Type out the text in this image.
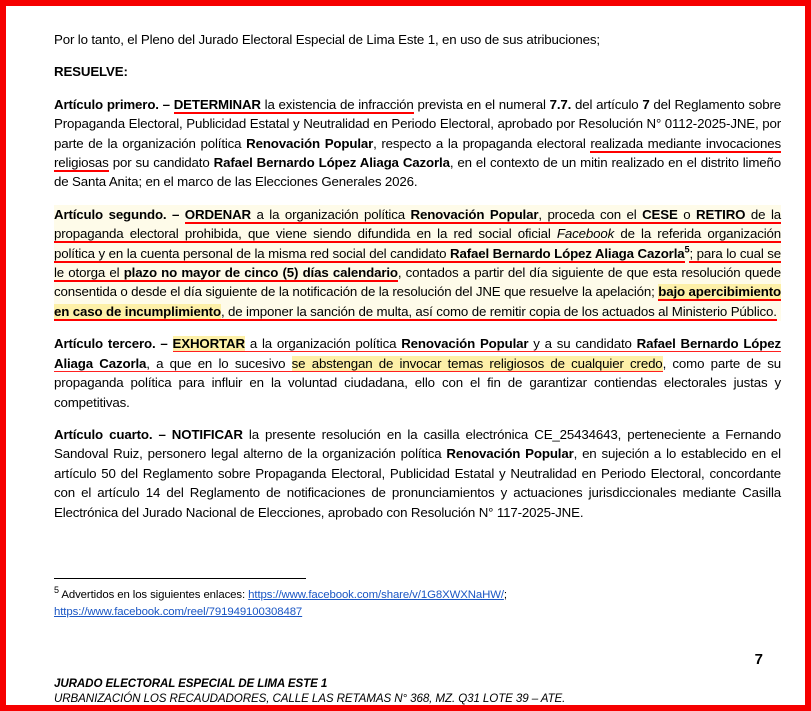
Por lo tanto, el Pleno del Jurado Electoral Especial de Lima Este 1, en uso de sus atribuciones;

RESUELVE:

Artículo primero. – DETERMINAR la existencia de infracción prevista en el numeral 7.7. del artículo 7 del Reglamento sobre Propaganda Electoral, Publicidad Estatal y Neutralidad en Periodo Electoral, aprobado por Resolución N° 0112-2025-JNE, por parte de la organización política Renovación Popular, respecto a la propaganda electoral realizada mediante invocaciones religiosas por su candidato Rafael Bernardo López Aliaga Cazorla, en el contexto de un mitin realizado en el distrito limeño de Santa Anita; en el marco de las Elecciones Generales 2026.

Artículo segundo. – ORDENAR a la organización política Renovación Popular, proceda con el CESE o RETIRO de la propaganda electoral prohibida, que viene siendo difundida en la red social oficial Facebook de la referida organización política y en la cuenta personal de la misma red social del candidato Rafael Bernardo López Aliaga Cazorla$^5$; para lo cual se le otorga el plazo no mayor de cinco (5) días calendario, contados a partir del día siguiente de que esta resolución quede consentida o desde el día siguiente de la notificación de la resolución del JNE que resuelve la apelación; bajo apercibimiento en caso de incumplimiento, de imponer la sanción de multa, así como de remitir copia de los actuados al Ministerio Público.

Artículo tercero. – EXHORTAR a la organización política Renovación Popular y a su candidato Rafael Bernardo López Aliaga Cazorla, a que en lo sucesivo se abstengan de invocar temas religiosos de cualquier credo, como parte de su propaganda política para influir en la voluntad ciudadana, ello con el fin de garantizar contiendas electorales justas y competitivas.

Artículo cuarto. – NOTIFICAR la presente resolución en la casilla electrónica CE_25434643, perteneciente a Fernando Sandoval Ruiz, personero legal alterno de la organización política Renovación Popular, en sujeción a lo establecido en el artículo 50 del Reglamento sobre Propaganda Electoral, Publicidad Estatal y Neutralidad en Periodo Electoral, concordante con el artículo 14 del Reglamento de notificaciones de pronunciamientos y actuaciones jurisdiccionales mediante Casilla Electrónica del Jurado Nacional de Elecciones, aprobado con Resolución N° 117-2025-JNE.

$^5$ Advertidos en los siguientes enlaces: https://www.facebook.com/share/v/1G8XWXNaHW/;
https://www.facebook.com/reel/791949100308487
7
JURADO ELECTORAL ESPECIAL DE LIMA ESTE 1
URBANIZACIÓN LOS RECAUDADORES, CALLE LAS RETAMAS N° 368, MZ. Q31 LOTE 39 – ATE.
